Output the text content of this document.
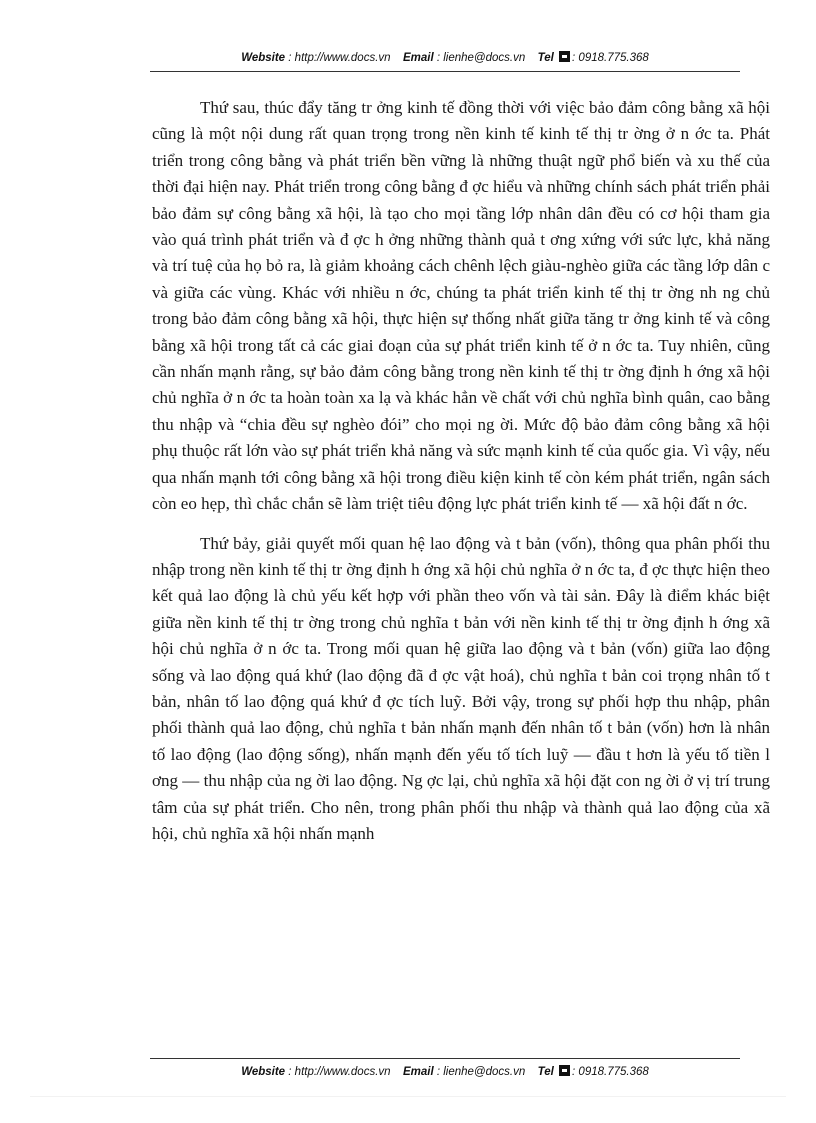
Website : http://www.docs.vn Email : lienhe@docs.vn Tel : 0918.775.368

Thứ sau, thúc đẩy tăng tr ởng kinh tế đồng thời với việc bảo đảm công bằng xã hội cũng là một nội dung rất quan trọng trong nền kinh tế kinh tế thị tr ờng ở n ớc ta. Phát triển trong công bằng và phát triển bền vững là những thuật ngữ phổ biến và xu thế của thời đại hiện nay. Phát triển trong công bằng đ ợc hiểu và những chính sách phát triển phải bảo đảm sự công bằng xã hội, là tạo cho mọi tầng lớp nhân dân đều có cơ hội tham gia vào quá trình phát triển và đ ợc h ởng những thành quả t ơng xứng với sức lực, khả năng và trí tuệ của họ bỏ ra, là giảm khoảng cách chênh lệch giàu-nghèo giữa các tầng lớp dân c và giữa các vùng. Khác với nhiều n ớc, chúng ta phát triển kinh tế thị tr ờng nh ng chủ trong bảo đảm công bằng xã hội, thực hiện sự thống nhất giữa tăng tr ởng kinh tế và công bằng xã hội trong tất cả các giai đoạn của sự phát triển kinh tế ở n ớc ta. Tuy nhiên, cũng cần nhấn mạnh rằng, sự bảo đảm công bằng trong nền kinh tế thị tr ờng định h ớng xã hội chủ nghĩa ở n ớc ta hoàn toàn xa lạ và khác hẳn về chất với chủ nghĩa bình quân, cao bằng thu nhập và “chia đều sự nghèo đói” cho mọi ng ời. Mức độ bảo đảm công bằng xã hội phụ thuộc rất lớn vào sự phát triển khả năng và sức mạnh kinh tế của quốc gia. Vì vậy, nếu qua nhấn mạnh tới công bằng xã hội trong điều kiện kinh tế còn kém phát triển, ngân sách còn eo hẹp, thì chắc chắn sẽ làm triệt tiêu động lực phát triển kinh tế — xã hội đất n ớc.

Thứ bảy, giải quyết mối quan hệ lao động và t bản (vốn), thông qua phân phối thu nhập trong nền kinh tế thị tr ờng định h ớng xã hội chủ nghĩa ở n ớc ta, đ ợc thực hiện theo kết quả lao động là chủ yếu kết hợp với phần theo vốn và tài sản. Đây là điểm khác biệt giữa nền kinh tế thị tr ờng trong chủ nghĩa t bản với nền kinh tế thị tr ờng định h ớng xã hội chủ nghĩa ở n ớc ta. Trong mối quan hệ giữa lao động và t bản (vốn) giữa lao động sống và lao động quá khứ (lao động đã đ ợc vật hoá), chủ nghĩa t bản coi trọng nhân tố t bản, nhân tố lao động quá khứ đ ợc tích luỹ. Bởi vậy, trong sự phối hợp thu nhập, phân phối thành quả lao động, chủ nghĩa t bản nhấn mạnh đến nhân tố t bản (vốn) hơn là nhân tố lao động (lao động sống), nhấn mạnh đến yếu tố tích luỹ — đầu t hơn là yếu tố tiền l ơng — thu nhập của ng ời lao động. Ng ợc lại, chủ nghĩa xã hội đặt con ng ời ở vị trí trung tâm của sự phát triển. Cho nên, trong phân phối thu nhập và thành quả lao động của xã hội, chủ nghĩa xã hội nhấn mạnh

Website : http://www.docs.vn Email : lienhe@docs.vn Tel : 0918.775.368
